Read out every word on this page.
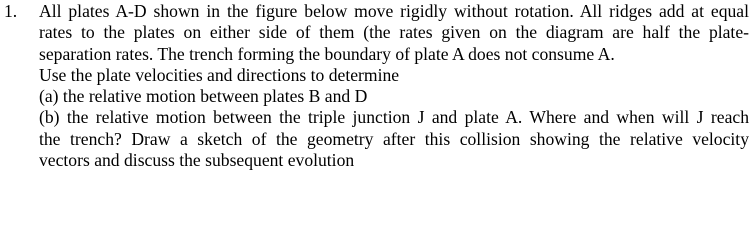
1.	All plates A-D shown in the figure below move rigidly without rotation. All ridges add at equal
rates to the plates on either side of them (the rates given on the diagram are half the plate-
separation rates. The trench forming the boundary of plate A does not consume A.
Use the plate velocities and directions to determine
(a) the relative motion between plates B and D
(b) the relative motion between the triple junction J and plate A. Where and when will J reach
the trench? Draw a sketch of the geometry after this collision showing the relative velocity
vectors and discuss the subsequent evolution
